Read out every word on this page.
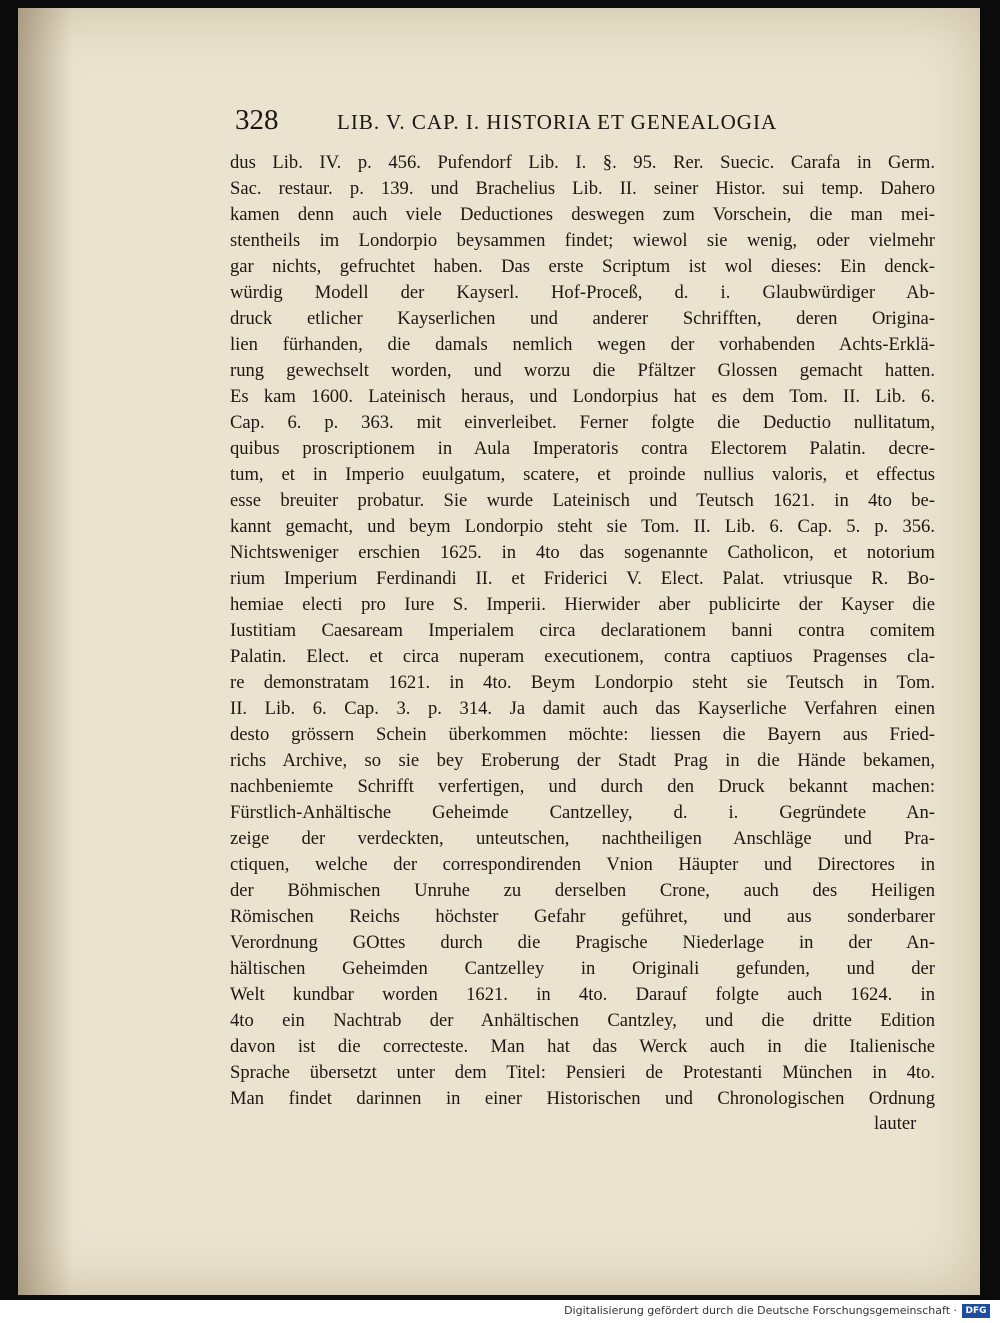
328	LIB. V. CAP. I. HISTORIA ET GENEALOGIA
dus Lib. IV. p. 456. Pufendorf Lib. I. §. 95. Rer. Suecic. Carafa in Germ.
Sac. restaur. p. 139. und Brachelius Lib. II. seiner Histor. sui temp. Dahero
kamen denn auch viele Deductiones deswegen zum Vorschein, die man mei-
stentheils im Londorpio beysammen findet; wiewol sie wenig, oder vielmehr
gar nichts, gefruchtet haben. Das erste Scriptum ist wol dieses: Ein denck-
würdig Modell der Kayserl. Hof-Proceß, d. i. Glaubwürdiger Ab-
druck etlicher Kayserlichen und anderer Schrifften, deren Origina-
lien fürhanden, die damals nemlich wegen der vorhabenden Achts-Erklä-
rung gewechselt worden, und worzu die Pfältzer Glossen gemacht hatten.
Es kam 1600. Lateinisch heraus, und Londorpius hat es dem Tom. II. Lib. 6.
Cap. 6. p. 363. mit einverleibet. Ferner folgte die Deductio nullitatum,
quibus proscriptionem in Aula Imperatoris contra Electorem Palatin. decre-
tum, et in Imperio euulgatum, scatere, et proinde nullius valoris, et effectus
esse breuiter probatur. Sie wurde Lateinisch und Teutsch 1621. in 4to be-
kannt gemacht, und beym Londorpio steht sie Tom. II. Lib. 6. Cap. 5. p. 356.
Nichtsweniger erschien 1625. in 4to das sogenannte Catholicon, et notorium
rium Imperium Ferdinandi II. et Friderici V. Elect. Palat. vtriusque R. Bo-
hemiae electi pro Iure S. Imperii. Hierwider aber publicirte der Kayser die
Iustitiam Caesaream Imperialem circa declarationem banni contra comitem
Palatin. Elect. et circa nuperam executionem, contra captiuos Pragenses cla-
re demonstratam 1621. in 4to. Beym Londorpio steht sie Teutsch in Tom.
II. Lib. 6. Cap. 3. p. 314. Ja damit auch das Kayserliche Verfahren einen
desto grössern Schein überkommen möchte: liessen die Bayern aus Fried-
richs Archive, so sie bey Eroberung der Stadt Prag in die Hände bekamen,
nachbeniemte Schrifft verfertigen, und durch den Druck bekannt machen:
Fürstlich-Anhältische Geheimde Cantzelley, d. i. Gegründete An-
zeige der verdeckten, unteutschen, nachtheiligen Anschläge und Pra-
ctiquen, welche der correspondirenden Vnion Häupter und Directores in
der Böhmischen Unruhe zu derselben Crone, auch des Heiligen
Römischen Reichs höchster Gefahr geführet, und aus sonderbarer
Verordnung GOttes durch die Pragische Niederlage in der An-
hältischen Geheimden Cantzelley in Originali gefunden, und der
Welt kundbar worden 1621. in 4to. Darauf folgte auch 1624. in
4to ein Nachtrab der Anhältischen Cantzley, und die dritte Edition
davon ist die correcteste. Man hat das Werck auch in die Italienische
Sprache übersetzt unter dem Titel: Pensieri de Protestanti München in 4to.
Man findet darinnen in einer Historischen und Chronologischen Ordnung
lauter
Digitalisierung gefördert durch die Deutsche Forschungsgemeinschaft · DFG
